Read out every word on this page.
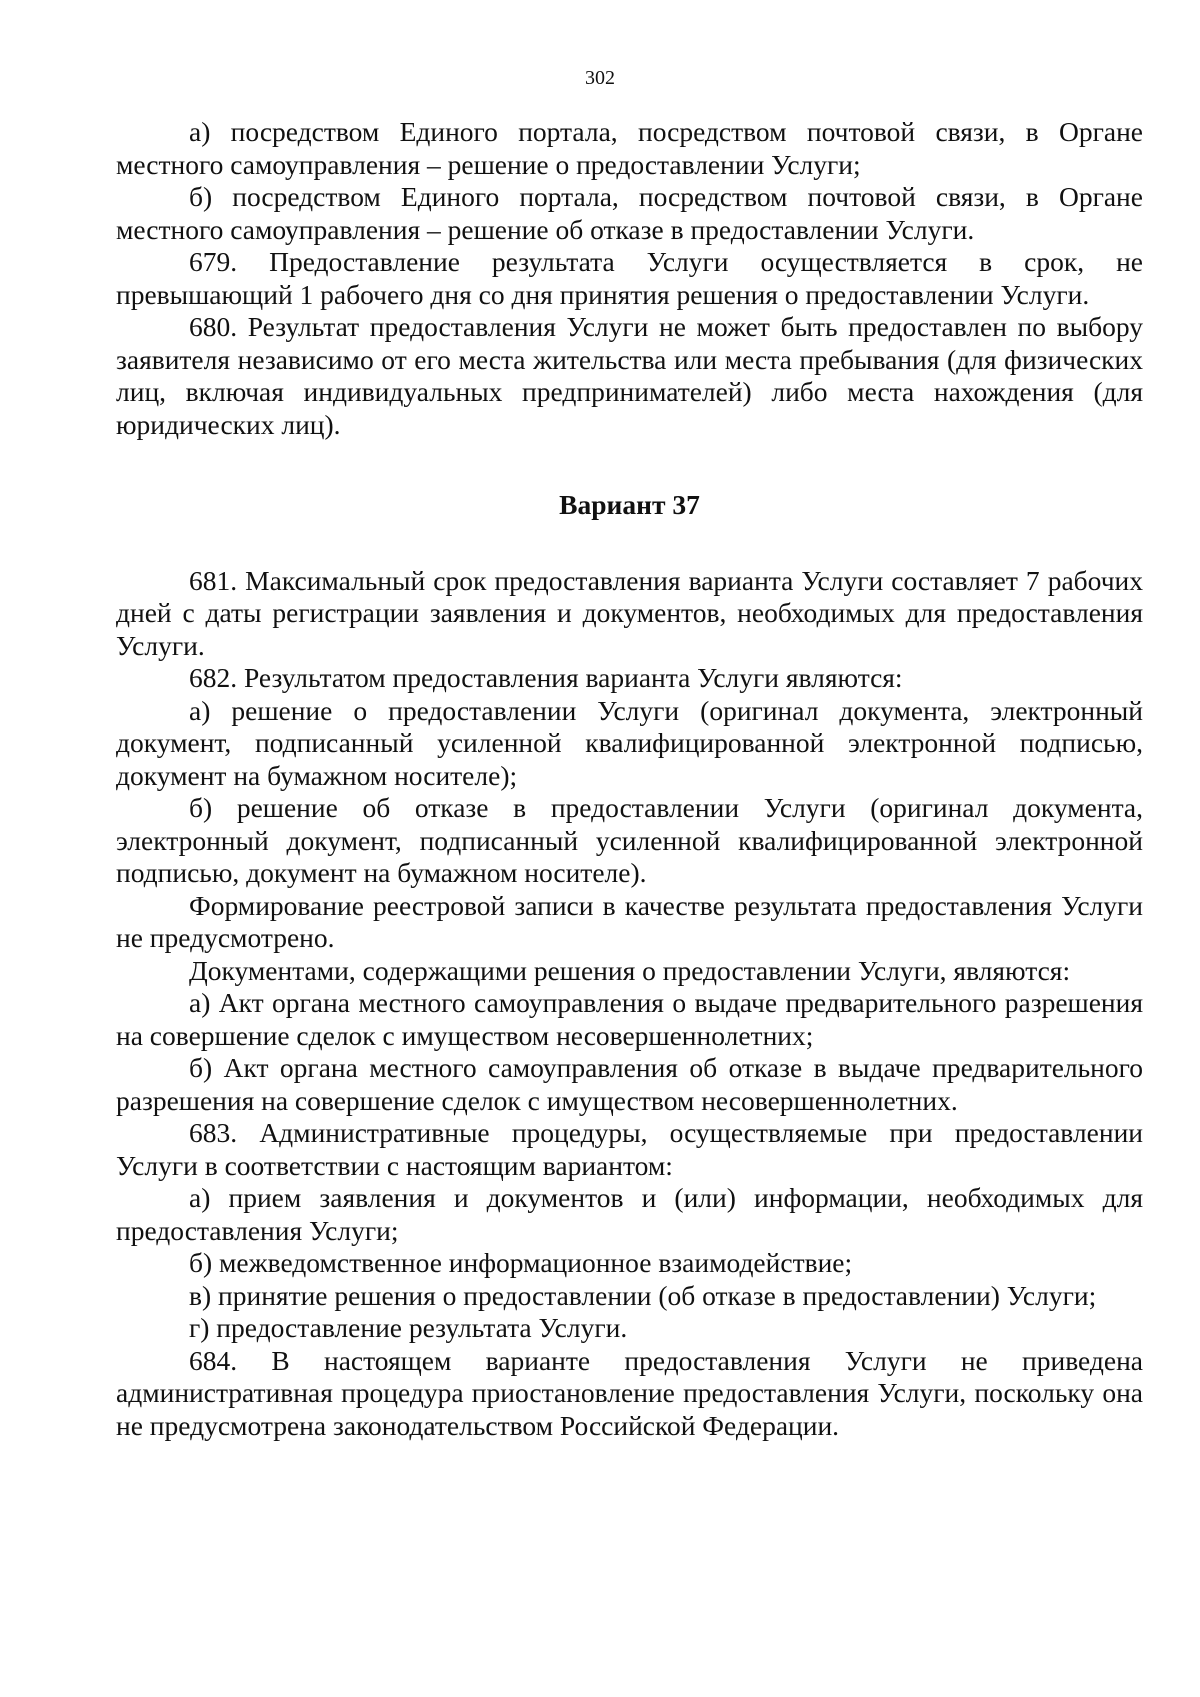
302

а) посредством Единого портала, посредством почтовой связи, в Органе местного самоуправления – решение о предоставлении Услуги;

б) посредством Единого портала, посредством почтовой связи, в Органе местного самоуправления – решение об отказе в предоставлении Услуги.

679. Предоставление результата Услуги осуществляется в срок, не превышающий 1 рабочего дня со дня принятия решения о предоставлении Услуги.

680. Результат предоставления Услуги не может быть предоставлен по выбору заявителя независимо от его места жительства или места пребывания (для физических лиц, включая индивидуальных предпринимателей) либо места нахождения (для юридических лиц).

Вариант 37

681. Максимальный срок предоставления варианта Услуги составляет 7 рабочих дней с даты регистрации заявления и документов, необходимых для предоставления Услуги.

682. Результатом предоставления варианта Услуги являются:

а) решение о предоставлении Услуги (оригинал документа, электронный документ, подписанный усиленной квалифицированной электронной подписью, документ на бумажном носителе);

б) решение об отказе в предоставлении Услуги (оригинал документа, электронный документ, подписанный усиленной квалифицированной электронной подписью, документ на бумажном носителе).

Формирование реестровой записи в качестве результата предоставления Услуги не предусмотрено.

Документами, содержащими решения о предоставлении Услуги, являются:

а) Акт органа местного самоуправления о выдаче предварительного разрешения на совершение сделок с имуществом несовершеннолетних;

б) Акт органа местного самоуправления об отказе в выдаче предварительного разрешения на совершение сделок с имуществом несовершеннолетних.

683. Административные процедуры, осуществляемые при предоставлении Услуги в соответствии с настоящим вариантом:

а) прием заявления и документов и (или) информации, необходимых для предоставления Услуги;

б) межведомственное информационное взаимодействие;

в) принятие решения о предоставлении (об отказе в предоставлении) Услуги;

г) предоставление результата Услуги.

684. В настоящем варианте предоставления Услуги не приведена административная процедура приостановление предоставления Услуги, поскольку она не предусмотрена законодательством Российской Федерации.
